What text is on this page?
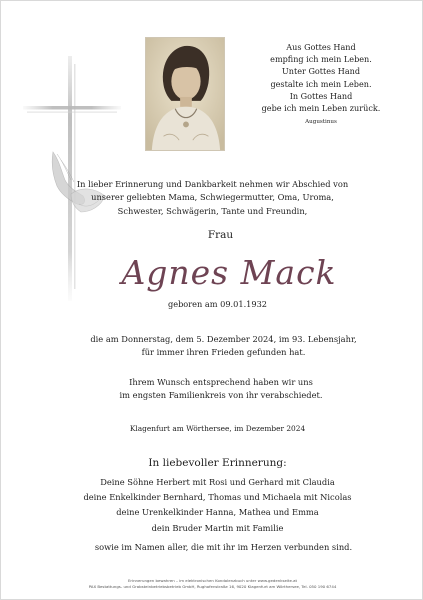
Aus Gottes Hand
empfing ich mein Leben.
Unter Gottes Hand
gestalte ich mein Leben.
In Gottes Hand
gebe ich mein Leben zurück.
Augustinus
In lieber Erinnerung und Dankbarkeit nehmen wir Abschied von
unserer geliebten Mama, Schwiegermutter, Oma, Uroma,
Schwester, Schwägerin, Tante und Freundin,
Frau
Agnes Mack
geboren am 09.01.1932
die am Donnerstag, dem 5. Dezember 2024, im 93. Lebensjahr,
für immer ihren Frieden gefunden hat.
Ihrem Wunsch entsprechend haben wir uns
im engsten Familienkreis von ihr verabschiedet.
Klagenfurt am Wörthersee, im Dezember 2024
In liebevoller Erinnerung:
Deine Söhne Herbert mit Rosi und Gerhard mit Claudia
deine Enkelkinder Bernhard, Thomas und Michaela mit Nicolas
deine Urenkelkinder Hanna, Mathea und Emma
dein Bruder Martin mit Familie
sowie im Namen aller, die mit ihr im Herzen verbunden sind.
Erinnerungen bewahren – im elektronischen Kondolenzbuch unter www.gedenkseite.at
PAX Bestattungs- und Grabsteinbetriebsbetrieb GmbH, Rughofenstraße 16, 9020 Klagenfurt am Wörthersee, Tel. 050 190 6744
